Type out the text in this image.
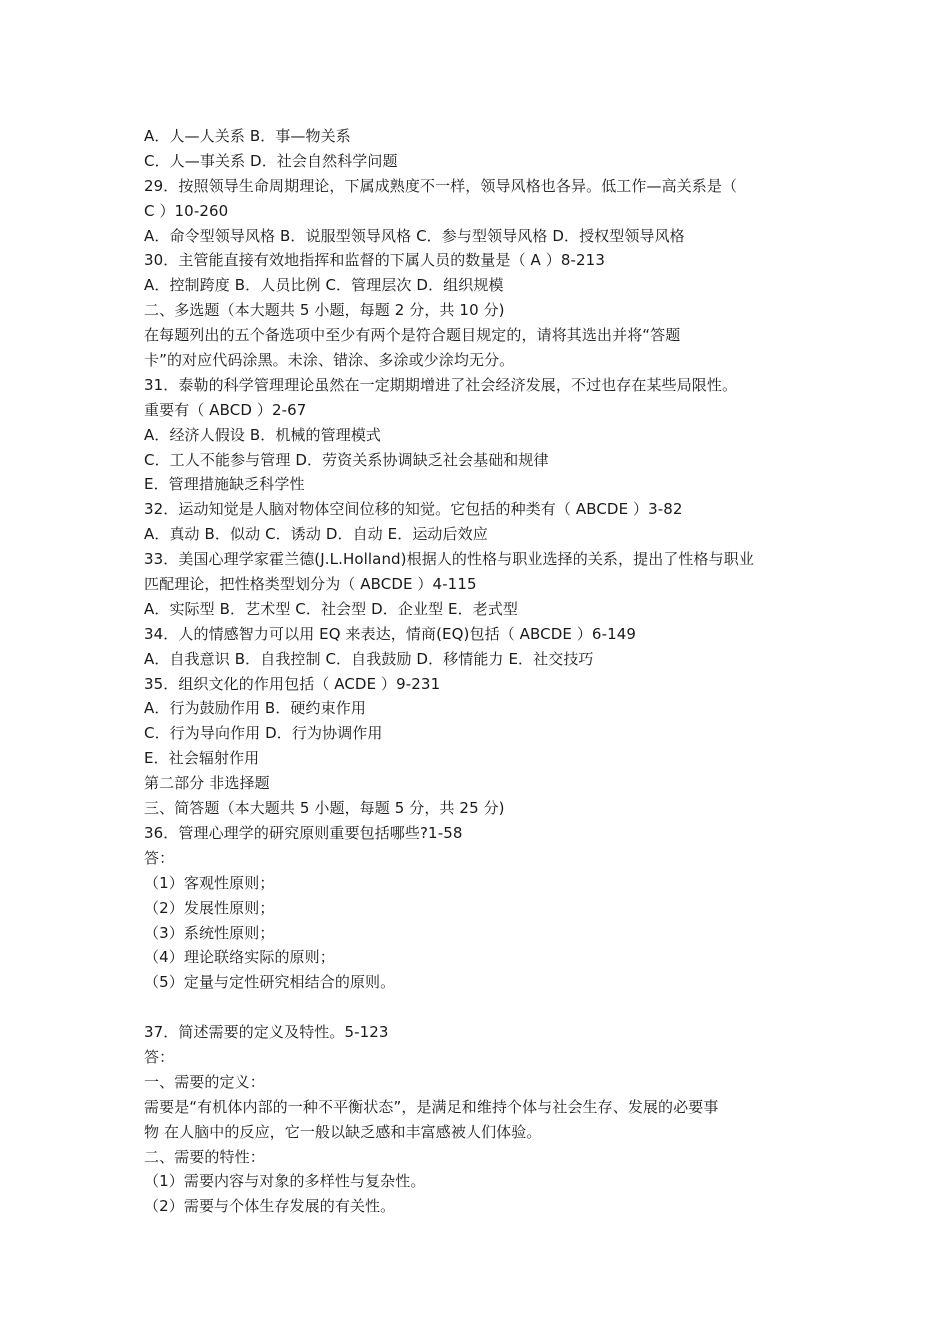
A．人—人关系 B．事—物关系
C．人—事关系 D．社会自然科学问题
29．按照领导生命周期理论，下属成熟度不一样，领导风格也各异。低工作—高关系是（
C ）10-260
A．命令型领导风格 B．说服型领导风格 C．参与型领导风格 D．授权型领导风格
30．主管能直接有效地指挥和监督的下属人员的数量是（ A ）8-213
A．控制跨度 B．人员比例 C．管理层次 D．组织规模
二、多选题（本大题共 5 小题，每题 2 分，共 10 分)
在每题列出的五个备选项中至少有两个是符合题目规定的，请将其选出并将“答题
卡”的对应代码涂黑。未涂、错涂、多涂或少涂均无分。
31．泰勒的科学管理理论虽然在一定期期增进了社会经济发展，不过也存在某些局限性。
重要有（ ABCD ）2-67
A．经济人假设 B．机械的管理模式
C．工人不能参与管理 D．劳资关系协调缺乏社会基础和规律
E．管理措施缺乏科学性
32．运动知觉是人脑对物体空间位移的知觉。它包括的种类有（ ABCDE ）3-82
A．真动 B．似动 C．诱动 D．自动 E．运动后效应
33．美国心理学家霍兰德(J.L.Holland)根据人的性格与职业选择的关系，提出了性格与职业
匹配理论，把性格类型划分为（ ABCDE ）4-115
A．实际型 B．艺术型 C．社会型 D．企业型 E．老式型
34．人的情感智力可以用 EQ 来表达，情商(EQ)包括（ ABCDE ）6-149
A．自我意识 B．自我控制 C．自我鼓励 D．移情能力 E．社交技巧
35．组织文化的作用包括（ ACDE ）9-231
A．行为鼓励作用 B．硬约束作用
C．行为导向作用 D．行为协调作用
E．社会辐射作用
第二部分 非选择题
三、简答题（本大题共 5 小题，每题 5 分，共 25 分)
36．管理心理学的研究原则重要包括哪些?1-58
答：
（1）客观性原则；
（2）发展性原则；
（3）系统性原则；
（4）理论联络实际的原则；
（5）定量与定性研究相结合的原则。
37．简述需要的定义及特性。5-123
答：
一、需要的定义：
需要是“有机体内部的一种不平衡状态”，是满足和维持个体与社会生存、发展的必要事
物 在人脑中的反应，它一般以缺乏感和丰富感被人们体验。
二、需要的特性：
（1）需要内容与对象的多样性与复杂性。
（2）需要与个体生存发展的有关性。
